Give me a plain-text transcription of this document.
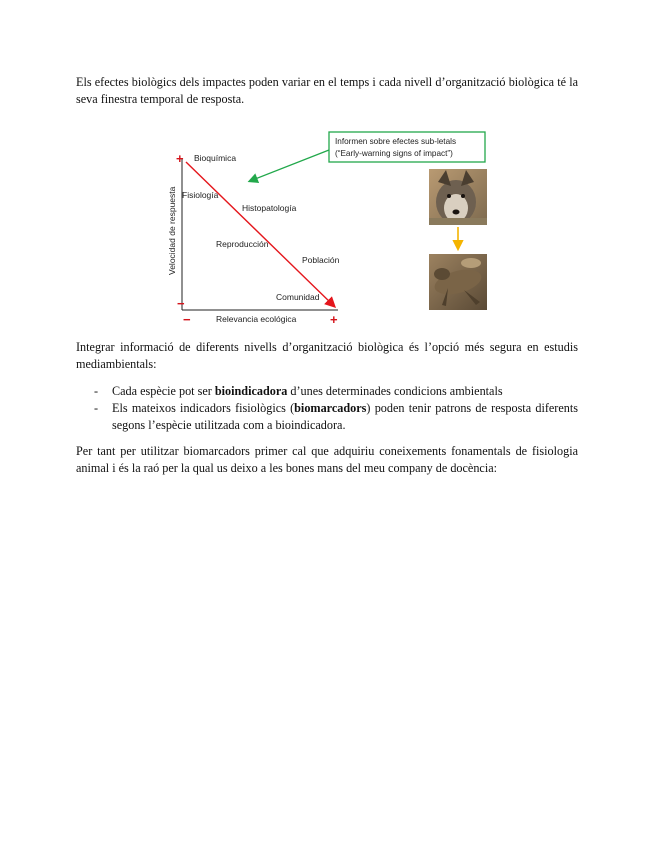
Els efectes biològics dels impactes poden variar en el temps i cada nivell d’organització biològica té la seva finestra temporal de resposta.

+
−
−	+
Velocidad de respuesta
Relevancia ecológica
Bioquímica
Fisiología
Histopatología
Reproducción
Población
Comunidad
Informen sobre efectes sub-letals
(“Early-warning signs of impact”)

Integrar informació de diferents nivells d’organització biològica és l’opció més segura en estudis mediambientals:

- Cada espècie pot ser bioindicadora d’unes determinades condicions ambientals
- Els mateixos indicadors fisiològics (biomarcadors) poden tenir patrons de resposta diferents segons l’espècie utilitzada com a bioindicadora.

Per tant per utilitzar biomarcadors primer cal que adquiriu coneixements fonamentals de fisiologia animal i és la raó per la qual us deixo a les bones mans del meu company de docència:
